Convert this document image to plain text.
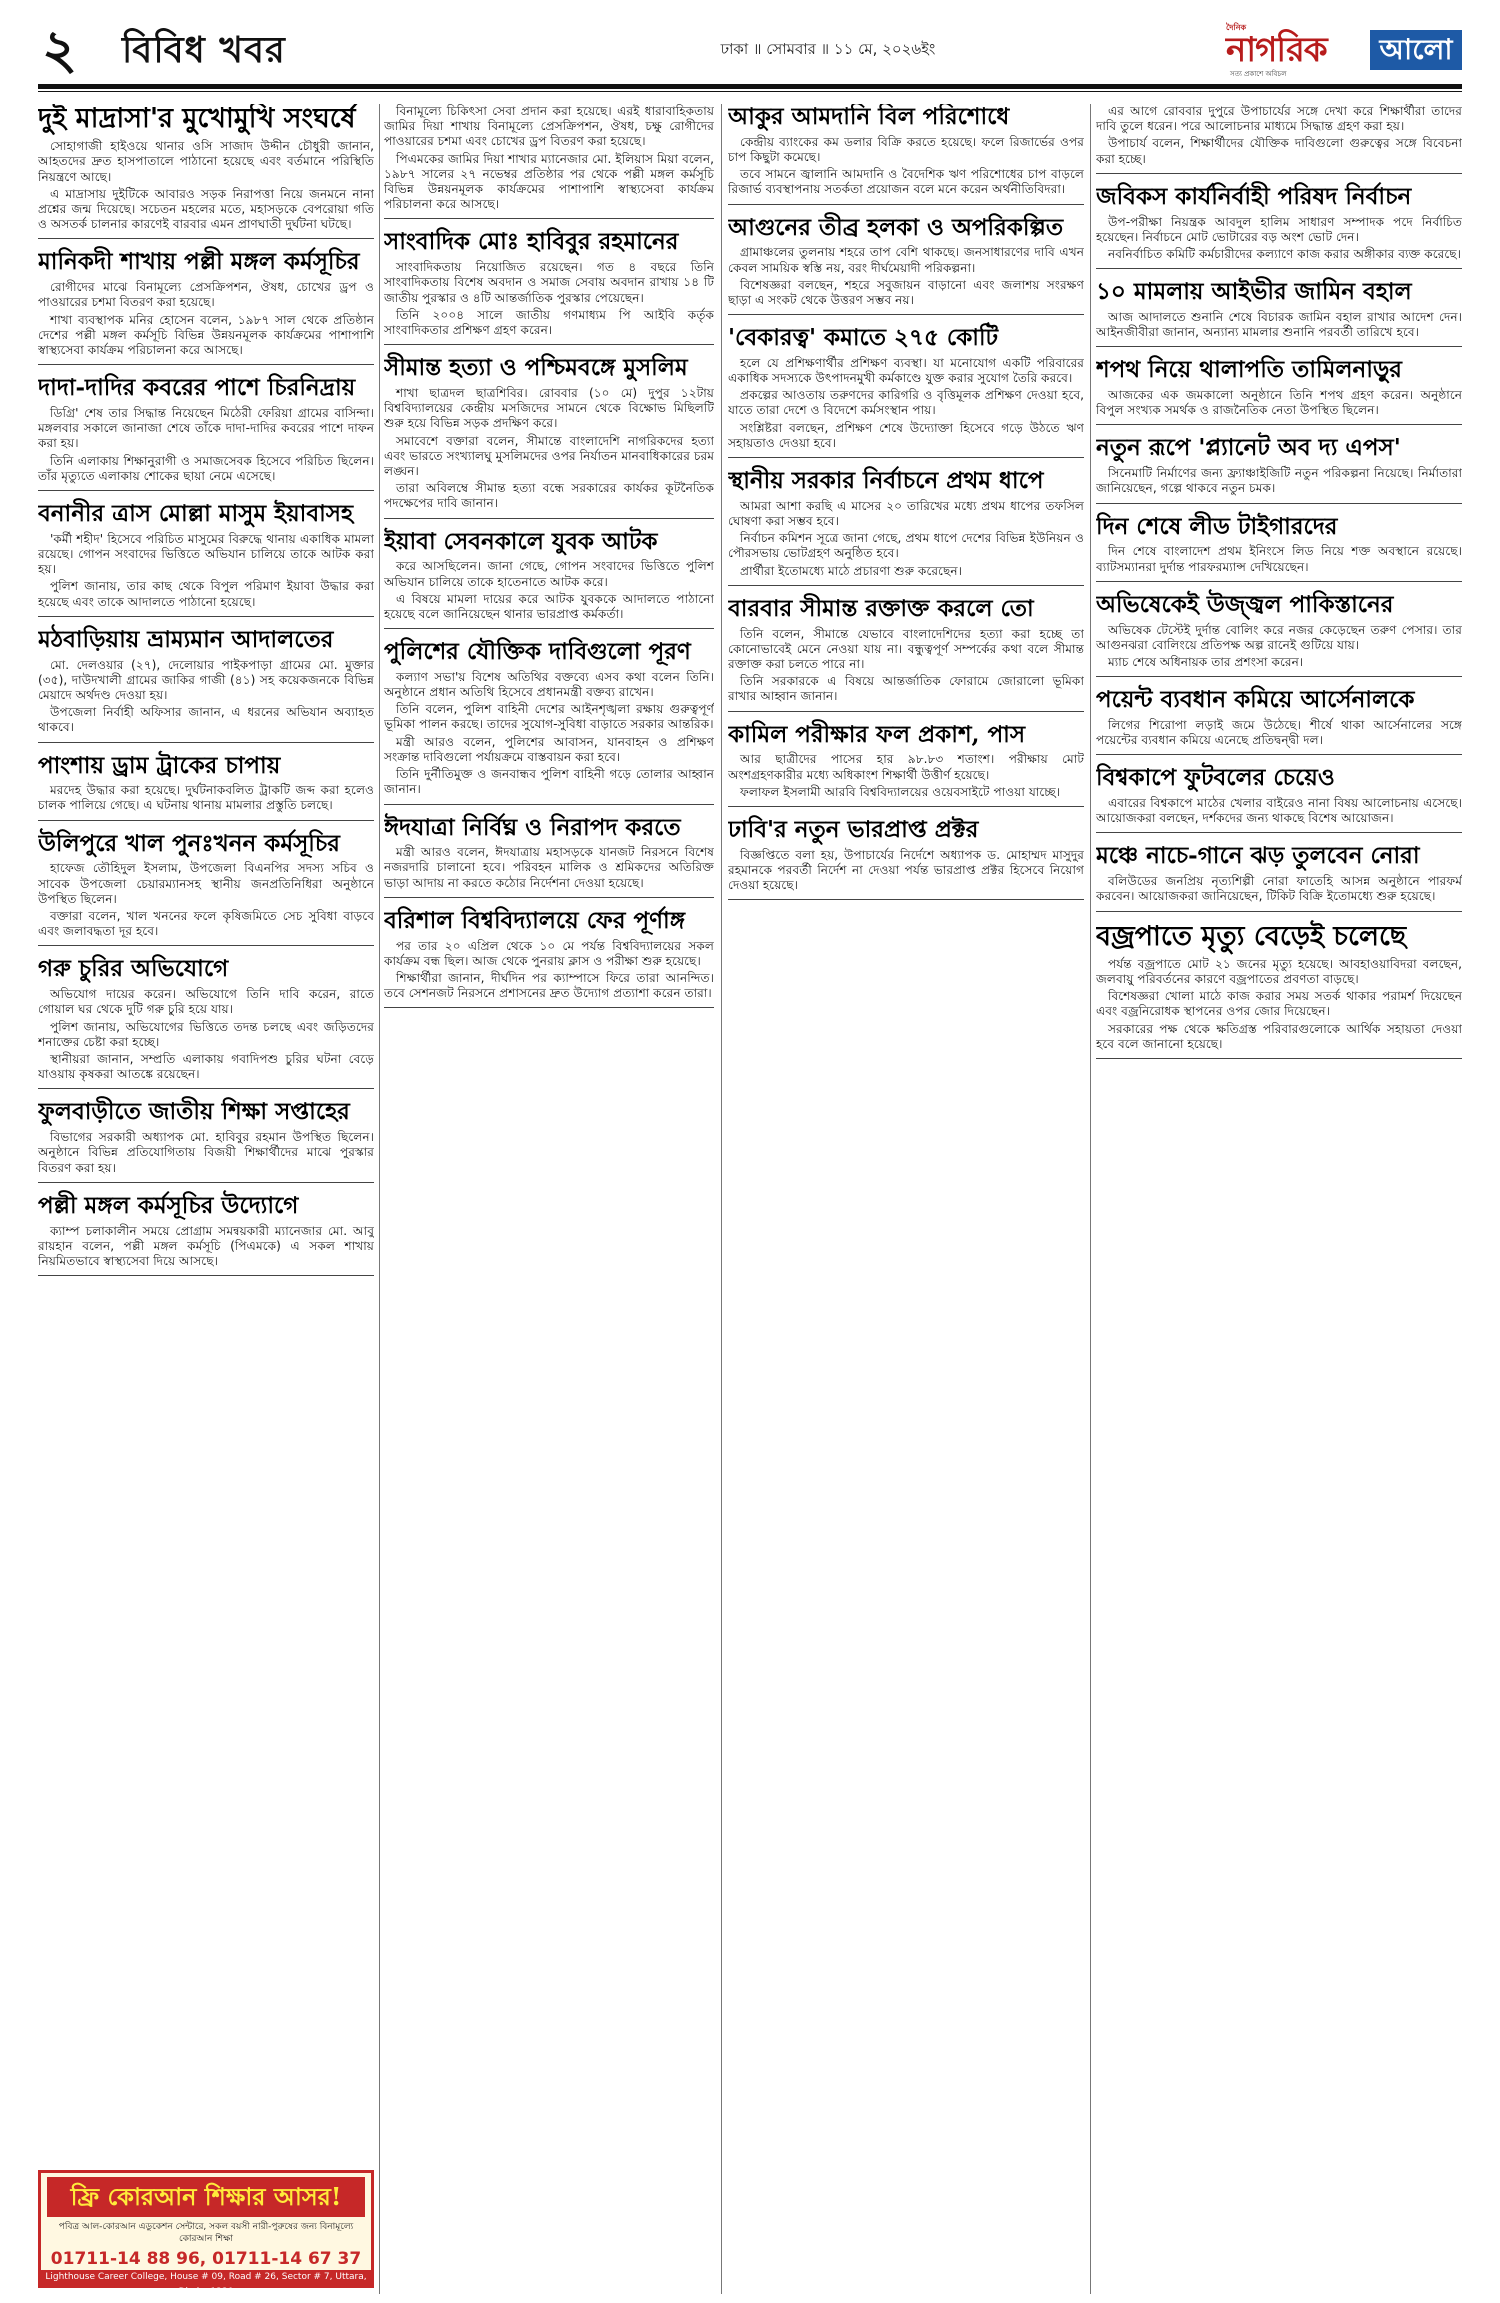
২	বিবিধ খবর	ঢাকা ॥ সোমবার ॥ ১১ মে, ২০২৬ইং
দৈনিক
নাগরিক	আলো
সত্য প্রকাশে অবিচল
দুই মাদ্রাসা'র মুখোমুখি সংঘর্ষে

সোহাগাজী হাইওয়ে থানার ওসি সাজাদ উদ্দীন চৌধুরী জানান, আহতদের দ্রুত হাসপাতালে পাঠানো হয়েছে এবং বর্তমানে পরিস্থিতি নিয়ন্ত্রণে আছে।

এ মাদ্রাসায় দুইটিকে আবারও সড়ক নিরাপত্তা নিয়ে জনমনে নানা প্রশ্নের জন্ম দিয়েছে। সচেতন মহলের মতে, মহাসড়কে বেপরোয়া গতি ও অসতর্ক চালনার কারণেই বারবার এমন প্রাণঘাতী দুর্ঘটনা ঘটছে।

মানিকদী শাখায় পল্লী মঙ্গল কর্মসূচির

রোগীদের মাঝে বিনামূল্যে প্রেসক্রিপশন, ঔষধ, চোখের ড্রপ ও পাওয়ারের চশমা বিতরণ করা হয়েছে।

শাখা ব্যবস্থাপক মনির হোসেন বলেন, ১৯৮৭ সাল থেকে প্রতিষ্ঠান দেশের পল্লী মঙ্গল কর্মসূচি বিভিন্ন উন্নয়নমূলক কার্যক্রমের পাশাপাশি স্বাস্থ্যসেবা কার্যক্রম পরিচালনা করে আসছে।

দাদা-দাদির কবরের পাশে চিরনিদ্রায়

ডিগ্রি' শেষ তার সিদ্ধান্ত নিয়েছেন মিঠেরী ফেরিয়া গ্রামের বাসিন্দা। মঙ্গলবার সকালে জানাজা শেষে তাঁকে দাদা-দাদির কবরের পাশে দাফন করা হয়।

তিনি এলাকায় শিক্ষানুরাগী ও সমাজসেবক হিসেবে পরিচিত ছিলেন। তাঁর মৃত্যুতে এলাকায় শোকের ছায়া নেমে এসেছে।

বনানীর ত্রাস মোল্লা মাসুম ইয়াবাসহ

'কর্মী শহীদ' হিসেবে পরিচিত মাসুমের বিরুদ্ধে থানায় একাধিক মামলা রয়েছে। গোপন সংবাদের ভিত্তিতে অভিযান চালিয়ে তাকে আটক করা হয়।

পুলিশ জানায়, তার কাছ থেকে বিপুল পরিমাণ ইয়াবা উদ্ধার করা হয়েছে এবং তাকে আদালতে পাঠানো হয়েছে।

মঠবাড়িয়ায় ভ্রাম্যমান আদালতের

মো. দেলওয়ার (২৭), দেলোয়ার পাইকপাড়া গ্রামের মো. মুক্তার (৩৫), দাউদখালী গ্রামের জাকির গাজী (৪১) সহ কয়েকজনকে বিভিন্ন মেয়াদে অর্থদণ্ড দেওয়া হয়।

উপজেলা নির্বাহী অফিসার জানান, এ ধরনের অভিযান অব্যাহত থাকবে।

পাংশায় ড্রাম ট্রাকের চাপায়

মরদেহ উদ্ধার করা হয়েছে। দুর্ঘটনাকবলিত ট্রাকটি জব্দ করা হলেও চালক পালিয়ে গেছে। এ ঘটনায় থানায় মামলার প্রস্তুতি চলছে।

উলিপুরে খাল পুনঃখনন কর্মসূচির

হাফেজ তৌহিদুল ইসলাম, উপজেলা বিএনপির সদস্য সচিব ও সাবেক উপজেলা চেয়ারম্যানসহ স্থানীয় জনপ্রতিনিধিরা অনুষ্ঠানে উপস্থিত ছিলেন।

বক্তারা বলেন, খাল খননের ফলে কৃষিজমিতে সেচ সুবিধা বাড়বে এবং জলাবদ্ধতা দূর হবে।

গরু চুরির অভিযোগে

অভিযোগ দায়ের করেন। অভিযোগে তিনি দাবি করেন, রাতে গোয়াল ঘর থেকে দুটি গরু চুরি হয়ে যায়।

পুলিশ জানায়, অভিযোগের ভিত্তিতে তদন্ত চলছে এবং জড়িতদের শনাক্তের চেষ্টা করা হচ্ছে।

স্থানীয়রা জানান, সম্প্রতি এলাকায় গবাদিপশু চুরির ঘটনা বেড়ে যাওয়ায় কৃষকরা আতঙ্কে রয়েছেন।

ফুলবাড়ীতে জাতীয় শিক্ষা সপ্তাহের

বিভাগের সরকারী অধ্যাপক মো. হাবিবুর রহমান উপস্থিত ছিলেন। অনুষ্ঠানে বিভিন্ন প্রতিযোগিতায় বিজয়ী শিক্ষার্থীদের মাঝে পুরস্কার বিতরণ করা হয়।

পল্লী মঙ্গল কর্মসূচির উদ্যোগে

ক্যাম্প চলাকালীন সময়ে প্রোগ্রাম সমন্বয়কারী ম্যানেজার মো. আবু রায়হান বলেন, পল্লী মঙ্গল কর্মসূচি (পিএমকে) এ সকল শাখায় নিয়মিতভাবে স্বাস্থ্যসেবা দিয়ে আসছে।

বিনামূল্যে চিকিৎসা সেবা প্রদান করা হয়েছে। এরই ধারাবাহিকতায় জামির দিয়া শাখায় বিনামূল্যে প্রেসক্রিপশন, ঔষধ, চক্ষু রোগীদের পাওয়ারের চশমা এবং চোখের ড্রপ বিতরণ করা হয়েছে।

পিএমকের জামির দিয়া শাখার ম্যানেজার মো. ইলিয়াস মিয়া বলেন, ১৯৮৭ সালের ২৭ নভেম্বর প্রতিষ্ঠার পর থেকে পল্লী মঙ্গল কর্মসূচি বিভিন্ন উন্নয়নমূলক কার্যক্রমের পাশাপাশি স্বাস্থ্যসেবা কার্যক্রম পরিচালনা করে আসছে।

সাংবাদিক মোঃ হাবিবুর রহমানের

সাংবাদিকতায় নিয়োজিত রয়েছেন। গত ৪ বছরে তিনি সাংবাদিকতায় বিশেষ অবদান ও সমাজ সেবায় অবদান রাখায় ১৪ টি জাতীয় পুরস্কার ও ৪টি আন্তর্জাতিক পুরস্কার পেয়েছেন।

তিনি ২০০৪ সালে জাতীয় গণমাধ্যম পি আইবি কর্তৃক সাংবাদিকতার প্রশিক্ষণ গ্রহণ করেন।

সীমান্ত হত্যা ও পশ্চিমবঙ্গে মুসলিম

শাখা ছাত্রদল ছাত্রশিবির। রোববার (১০ মে) দুপুর ১২টায় বিশ্ববিদ্যালয়ের কেন্দ্রীয় মসজিদের সামনে থেকে বিক্ষোভ মিছিলটি শুরু হয়ে বিভিন্ন সড়ক প্রদক্ষিণ করে।

সমাবেশে বক্তারা বলেন, সীমান্তে বাংলাদেশি নাগরিকদের হত্যা এবং ভারতে সংখ্যালঘু মুসলিমদের ওপর নির্যাতন মানবাধিকারের চরম লঙ্ঘন।

তারা অবিলম্বে সীমান্ত হত্যা বন্ধে সরকারের কার্যকর কূটনৈতিক পদক্ষেপের দাবি জানান।

ইয়াবা সেবনকালে যুবক আটক

করে আসছিলেন। জানা গেছে, গোপন সংবাদের ভিত্তিতে পুলিশ অভিযান চালিয়ে তাকে হাতেনাতে আটক করে।

এ বিষয়ে মামলা দায়ের করে আটক যুবককে আদালতে পাঠানো হয়েছে বলে জানিয়েছেন থানার ভারপ্রাপ্ত কর্মকর্তা।

পুলিশের যৌক্তিক দাবিগুলো পূরণ

কল্যাণ সভা'য় বিশেষ অতিথির বক্তব্যে এসব কথা বলেন তিনি। অনুষ্ঠানে প্রধান অতিথি হিসেবে প্রধানমন্ত্রী বক্তব্য রাখেন।

তিনি বলেন, পুলিশ বাহিনী দেশের আইনশৃঙ্খলা রক্ষায় গুরুত্বপূর্ণ ভূমিকা পালন করছে। তাদের সুযোগ-সুবিধা বাড়াতে সরকার আন্তরিক।

মন্ত্রী আরও বলেন, পুলিশের আবাসন, যানবাহন ও প্রশিক্ষণ সংক্রান্ত দাবিগুলো পর্যায়ক্রমে বাস্তবায়ন করা হবে।

তিনি দুর্নীতিমুক্ত ও জনবান্ধব পুলিশ বাহিনী গড়ে তোলার আহ্বান জানান।

ঈদযাত্রা নির্বিঘ্ন ও নিরাপদ করতে

মন্ত্রী আরও বলেন, ঈদযাত্রায় মহাসড়কে যানজট নিরসনে বিশেষ নজরদারি চালানো হবে। পরিবহন মালিক ও শ্রমিকদের অতিরিক্ত ভাড়া আদায় না করতে কঠোর নির্দেশনা দেওয়া হয়েছে।

বরিশাল বিশ্ববিদ্যালয়ে ফের পূর্ণাঙ্গ

পর তার ২০ এপ্রিল থেকে ১০ মে পর্যন্ত বিশ্ববিদ্যালয়ের সকল কার্যক্রম বন্ধ ছিল। আজ থেকে পুনরায় ক্লাস ও পরীক্ষা শুরু হয়েছে।

শিক্ষার্থীরা জানান, দীর্ঘদিন পর ক্যাম্পাসে ফিরে তারা আনন্দিত। তবে সেশনজট নিরসনে প্রশাসনের দ্রুত উদ্যোগ প্রত্যাশা করেন তারা।

আকুর আমদানি বিল পরিশোধে

কেন্দ্রীয় ব্যাংকের কম ডলার বিক্রি করতে হয়েছে। ফলে রিজার্ভের ওপর চাপ কিছুটা কমেছে।

তবে সামনে জ্বালানি আমদানি ও বৈদেশিক ঋণ পরিশোধের চাপ বাড়লে রিজার্ভ ব্যবস্থাপনায় সতর্কতা প্রয়োজন বলে মনে করেন অর্থনীতিবিদরা।

আগুনের তীব্র হলকা ও অপরিকল্পিত

গ্রামাঞ্চলের তুলনায় শহরে তাপ বেশি থাকছে। জনসাধারণের দাবি এখন কেবল সাময়িক স্বস্তি নয়, বরং দীর্ঘমেয়াদী পরিকল্পনা।

বিশেষজ্ঞরা বলছেন, শহরে সবুজায়ন বাড়ানো এবং জলাশয় সংরক্ষণ ছাড়া এ সংকট থেকে উত্তরণ সম্ভব নয়।

'বেকারত্ব' কমাতে ২৭৫ কোটি

হলে যে প্রশিক্ষণার্থীর প্রশিক্ষণ ব্যবস্থা। যা মনোযোগ একটি পরিবারের একাধিক সদস্যকে উৎপাদনমুখী কর্মকাণ্ডে যুক্ত করার সুযোগ তৈরি করবে।

প্রকল্পের আওতায় তরুণদের কারিগরি ও বৃত্তিমূলক প্রশিক্ষণ দেওয়া হবে, যাতে তারা দেশে ও বিদেশে কর্মসংস্থান পায়।

সংশ্লিষ্টরা বলছেন, প্রশিক্ষণ শেষে উদ্যোক্তা হিসেবে গড়ে উঠতে ঋণ সহায়তাও দেওয়া হবে।

স্থানীয় সরকার নির্বাচনে প্রথম ধাপে

আমরা আশা করছি এ মাসের ২০ তারিখের মধ্যে প্রথম ধাপের তফসিল ঘোষণা করা সম্ভব হবে।

নির্বাচন কমিশন সূত্রে জানা গেছে, প্রথম ধাপে দেশের বিভিন্ন ইউনিয়ন ও পৌরসভায় ভোটগ্রহণ অনুষ্ঠিত হবে।

প্রার্থীরা ইতোমধ্যে মাঠে প্রচারণা শুরু করেছেন।

বারবার সীমান্ত রক্তাক্ত করলে তো

তিনি বলেন, সীমান্তে যেভাবে বাংলাদেশিদের হত্যা করা হচ্ছে তা কোনোভাবেই মেনে নেওয়া যায় না। বন্ধুত্বপূর্ণ সম্পর্কের কথা বলে সীমান্ত রক্তাক্ত করা চলতে পারে না।

তিনি সরকারকে এ বিষয়ে আন্তর্জাতিক ফোরামে জোরালো ভূমিকা রাখার আহ্বান জানান।

কামিল পরীক্ষার ফল প্রকাশ, পাস

আর ছাত্রীদের পাসের হার ৯৮.৮৩ শতাংশ। পরীক্ষায় মোট অংশগ্রহণকারীর মধ্যে অধিকাংশ শিক্ষার্থী উত্তীর্ণ হয়েছে।

ফলাফল ইসলামী আরবি বিশ্ববিদ্যালয়ের ওয়েবসাইটে পাওয়া যাচ্ছে।

ঢাবি'র নতুন ভারপ্রাপ্ত প্রক্টর

বিজ্ঞপ্তিতে বলা হয়, উপাচার্যের নির্দেশে অধ্যাপক ড. মোহাম্মদ মাসুদুর রহমানকে পরবর্তী নির্দেশ না দেওয়া পর্যন্ত ভারপ্রাপ্ত প্রক্টর হিসেবে নিয়োগ দেওয়া হয়েছে।

এর আগে রোববার দুপুরে উপাচার্যের সঙ্গে দেখা করে শিক্ষার্থীরা তাদের দাবি তুলে ধরেন। পরে আলোচনার মাধ্যমে সিদ্ধান্ত গ্রহণ করা হয়।

উপাচার্য বলেন, শিক্ষার্থীদের যৌক্তিক দাবিগুলো গুরুত্বের সঙ্গে বিবেচনা করা হচ্ছে।

জবিকস কার্যনির্বাহী পরিষদ নির্বাচন

উপ-পরীক্ষা নিয়ন্ত্রক আবদুল হালিম সাধারণ সম্পাদক পদে নির্বাচিত হয়েছেন। নির্বাচনে মোট ভোটারের বড় অংশ ভোট দেন।

নবনির্বাচিত কমিটি কর্মচারীদের কল্যাণে কাজ করার অঙ্গীকার ব্যক্ত করেছে।

১০ মামলায় আইভীর জামিন বহাল

আজ আদালতে শুনানি শেষে বিচারক জামিন বহাল রাখার আদেশ দেন। আইনজীবীরা জানান, অন্যান্য মামলার শুনানি পরবর্তী তারিখে হবে।

শপথ নিয়ে থালাপতি তামিলনাড়ুর

আজকের এক জমকালো অনুষ্ঠানে তিনি শপথ গ্রহণ করেন। অনুষ্ঠানে বিপুল সংখ্যক সমর্থক ও রাজনৈতিক নেতা উপস্থিত ছিলেন।

নতুন রূপে 'প্ল্যানেট অব দ্য এপস'

সিনেমাটি নির্মাণের জন্য ফ্র্যাঞ্চাইজিটি নতুন পরিকল্পনা নিয়েছে। নির্মাতারা জানিয়েছেন, গল্পে থাকবে নতুন চমক।

দিন শেষে লীড টাইগারদের

দিন শেষে বাংলাদেশ প্রথম ইনিংসে লিড নিয়ে শক্ত অবস্থানে রয়েছে। ব্যাটসম্যানরা দুর্দান্ত পারফরম্যান্স দেখিয়েছেন।

অভিষেকেই উজ্জ্বল পাকিস্তানের

অভিষেক টেস্টেই দুর্দান্ত বোলিং করে নজর কেড়েছেন তরুণ পেসার। তার আগুনঝরা বোলিংয়ে প্রতিপক্ষ অল্প রানেই গুটিয়ে যায়।

ম্যাচ শেষে অধিনায়ক তার প্রশংসা করেন।

পয়েন্ট ব্যবধান কমিয়ে আর্সেনালকে

লিগের শিরোপা লড়াই জমে উঠেছে। শীর্ষে থাকা আর্সেনালের সঙ্গে পয়েন্টের ব্যবধান কমিয়ে এনেছে প্রতিদ্বন্দ্বী দল।

বিশ্বকাপে ফুটবলের চেয়েও

এবারের বিশ্বকাপে মাঠের খেলার বাইরেও নানা বিষয় আলোচনায় এসেছে। আয়োজকরা বলছেন, দর্শকদের জন্য থাকছে বিশেষ আয়োজন।

মঞ্চে নাচে-গানে ঝড় তুলবেন নোরা

বলিউডের জনপ্রিয় নৃত্যশিল্পী নোরা ফাতেহি আসন্ন অনুষ্ঠানে পারফর্ম করবেন। আয়োজকরা জানিয়েছেন, টিকিট বিক্রি ইতোমধ্যে শুরু হয়েছে।

বজ্রপাতে মৃত্যু বেড়েই চলেছে

পর্যন্ত বজ্রপাতে মোট ২১ জনের মৃত্যু হয়েছে। আবহাওয়াবিদরা বলছেন, জলবায়ু পরিবর্তনের কারণে বজ্রপাতের প্রবণতা বাড়ছে।

বিশেষজ্ঞরা খোলা মাঠে কাজ করার সময় সতর্ক থাকার পরামর্শ দিয়েছেন এবং বজ্রনিরোধক স্থাপনের ওপর জোর দিয়েছেন।

সরকারের পক্ষ থেকে ক্ষতিগ্রস্ত পরিবারগুলোকে আর্থিক সহায়তা দেওয়া হবে বলে জানানো হয়েছে।

ফ্রি কোরআন শিক্ষার আসর!
পবিত্র আল-কোরআন এডুকেশন সেন্টারে, সকল বয়সী নারী-পুরুষের জন্য বিনামূল্যে কোরআন শিক্ষা
01711-14 88 96, 01711-14 67 37
Lighthouse Career College, House # 09, Road # 26, Sector # 7, Uttara, Dhaka-1230
